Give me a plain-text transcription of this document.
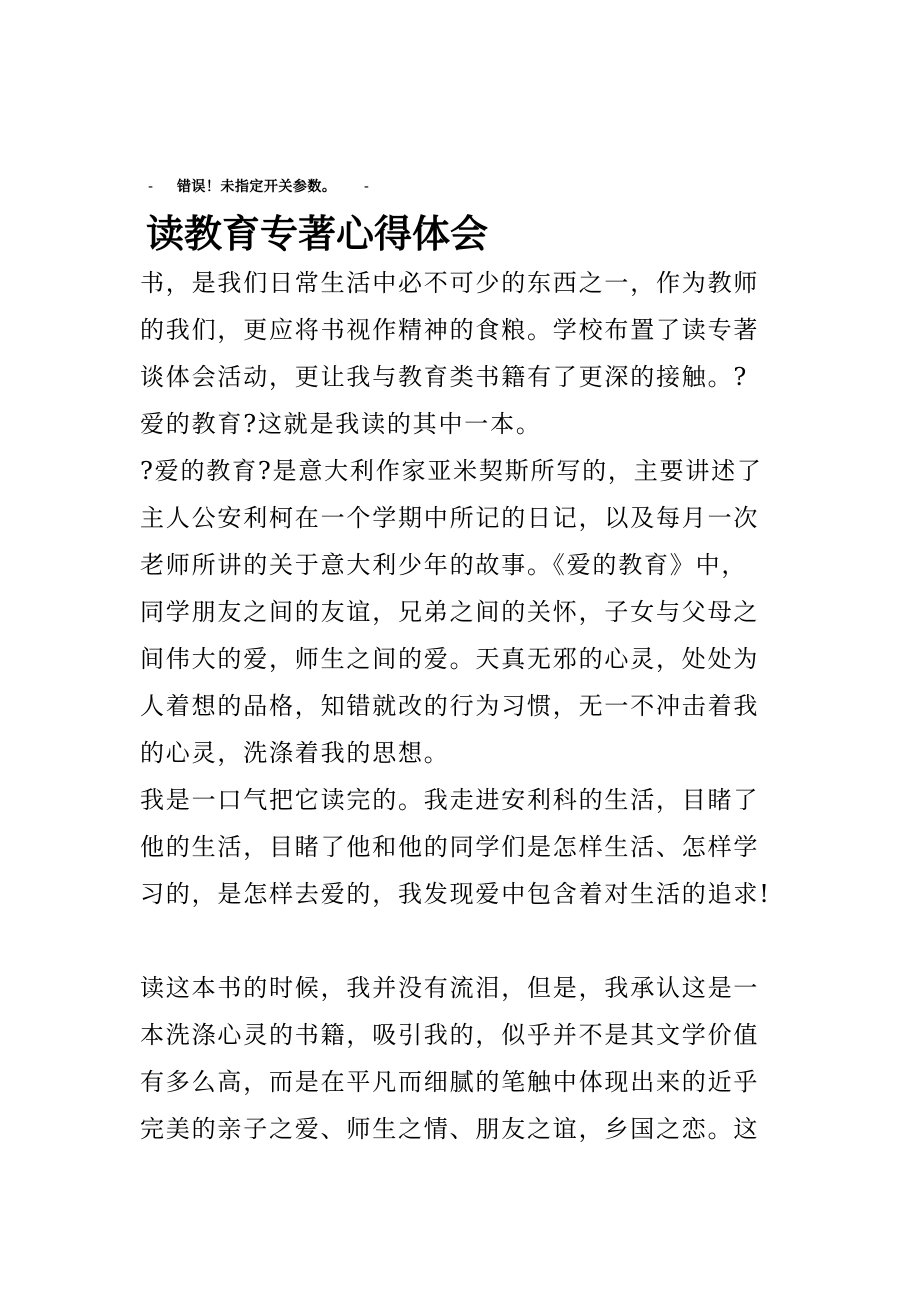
- 错误！未指定开关参数。 -
读教育专著心得体会
书，是我们日常生活中必不可少的东西之一，作为教师
的我们，更应将书视作精神的食粮。学校布置了读专著
谈体会活动，更让我与教育类书籍有了更深的接触。?
爱的教育?这就是我读的其中一本。
?爱的教育?是意大利作家亚米契斯所写的，主要讲述了
主人公安利柯在一个学期中所记的日记，以及每月一次
老师所讲的关于意大利少年的故事。《爱的教育》中，
同学朋友之间的友谊，兄弟之间的关怀，子女与父母之
间伟大的爱，师生之间的爱。天真无邪的心灵，处处为
人着想的品格，知错就改的行为习惯，无一不冲击着我
的心灵，洗涤着我的思想。
我是一口气把它读完的。我走进安利科的生活，目睹了
他的生活，目睹了他和他的同学们是怎样生活、怎样学
习的，是怎样去爱的，我发现爱中包含着对生活的追求!
读这本书的时候，我并没有流泪，但是，我承认这是一
本洗涤心灵的书籍，吸引我的，似乎并不是其文学价值
有多么高，而是在平凡而细腻的笔触中体现出来的近乎
完美的亲子之爱、师生之情、朋友之谊，乡国之恋。这
